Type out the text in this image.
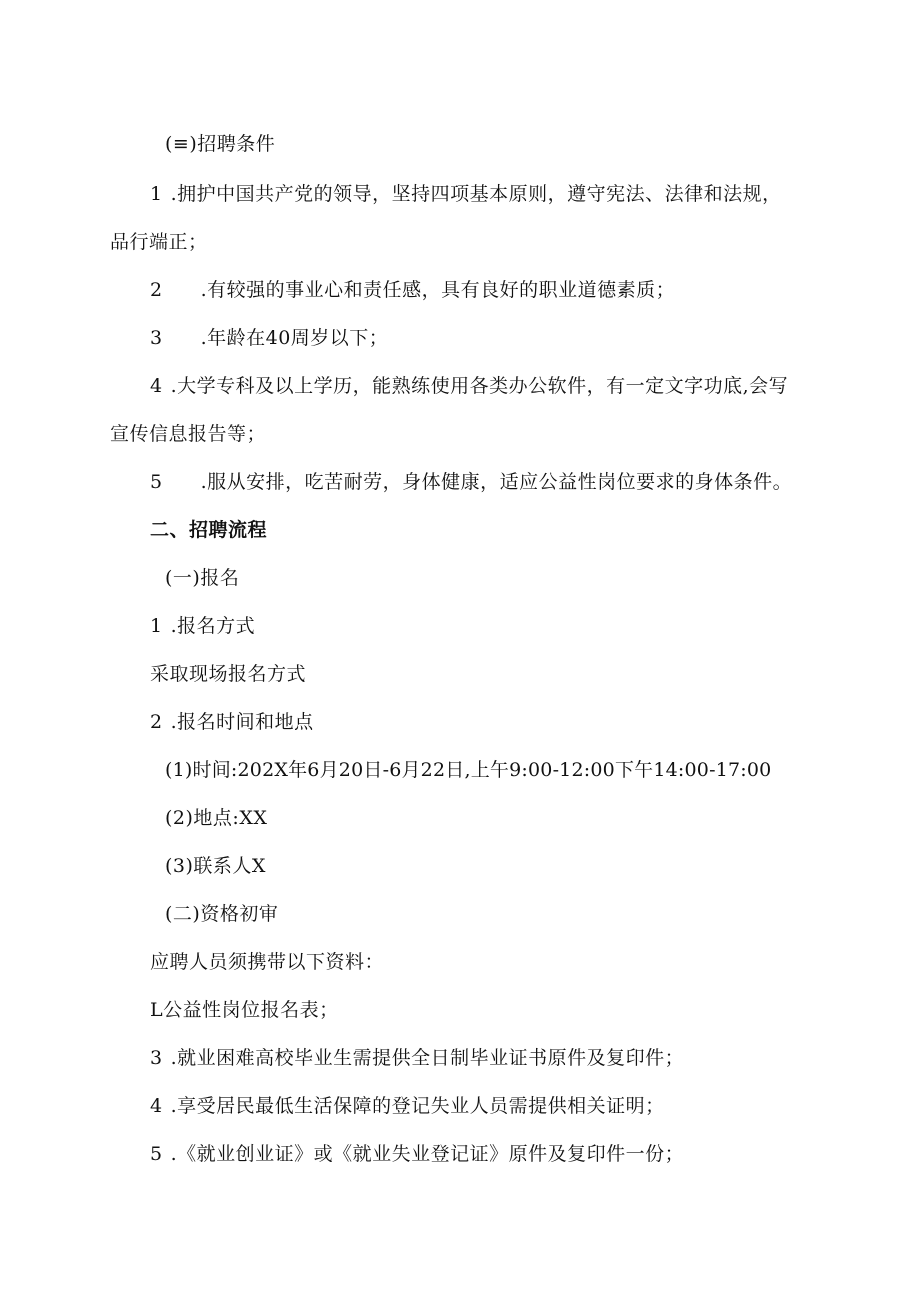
(≡)招聘条件
1 .拥护中国共产党的领导，坚持四项基本原则，遵守宪法、法律和法规，
品行端正；
2 .有较强的事业心和责任感，具有良好的职业道德素质；
3 .年龄在40周岁以下；
4 .大学专科及以上学历，能熟练使用各类办公软件，有一定文字功底,会写
宣传信息报告等；
5 .服从安排，吃苦耐劳，身体健康，适应公益性岗位要求的身体条件。
二、招聘流程
(一)报名
1 .报名方式
采取现场报名方式
2 .报名时间和地点
(1)时间:202X年6月20日-6月22日,上午9:00-12:00下午14:00-17:00
(2)地点:XX
(3)联系人X
(二)资格初审
应聘人员须携带以下资料：
L公益性岗位报名表；
3 .就业困难高校毕业生需提供全日制毕业证书原件及复印件；
4 .享受居民最低生活保障的登记失业人员需提供相关证明；
5 .《就业创业证》或《就业失业登记证》原件及复印件一份；
